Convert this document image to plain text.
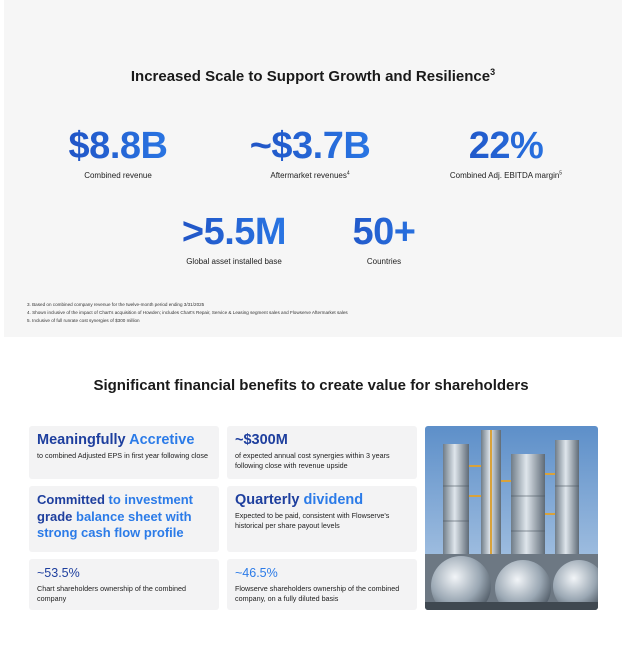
Increased Scale to Support Growth and Resilience$^3$
$8.8B
Combined revenue
~$3.7B
Aftermarket revenues$^4$
22%
Combined Adj. EBITDA margin$^5$
>5.5M
Global asset installed base
50+
Countries
3. Based on combined company revenue for the twelve-month period ending 3/31/2025
4. Shown inclusive of the impact of Chart's acquisition of Howden; includes Chart's Repair, Service & Leasing segment sales and Flowserve Aftermarket sales
5. Inclusive of full runrate cost synergies of $300 million
Significant financial benefits to create value for shareholders
Meaningfully Accretive
to combined Adjusted EPS in first year following close
~$300M
of expected annual cost synergies within 3 years following close with revenue upside
Committed to investment grade balance sheet with strong cash flow profile
Quarterly dividend
Expected to be paid, consistent with Flowserve's historical per share payout levels
~53.5%
Chart shareholders ownership of the combined company
~46.5%
Flowserve shareholders ownership of the combined company, on a fully diluted basis
